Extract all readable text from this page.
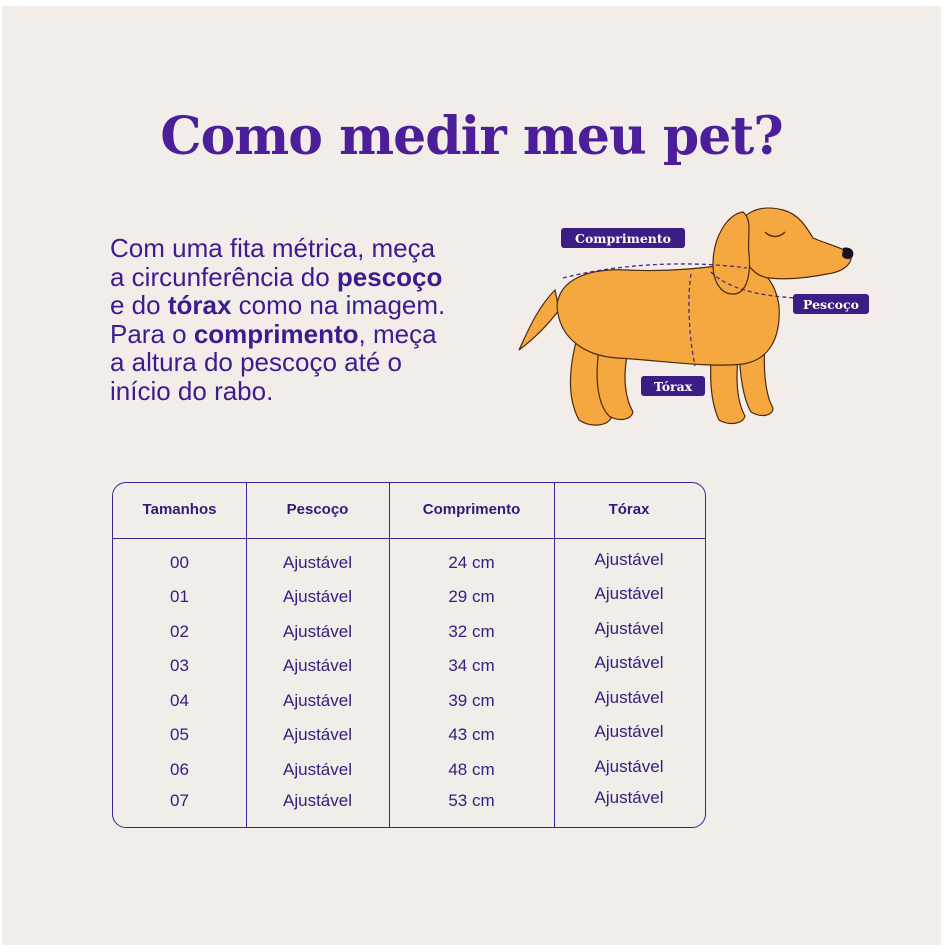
Como medir meu pet?
Com uma fita métrica, meça
a circunferência do pescoço
e do tórax como na imagem.
Para o comprimento, meça
a altura do pescoço até o
início do rabo.
Comprimento
Pescoço
Tórax
Tamanhos	Pescoço	Comprimento	Tórax
00	Ajustável	24 cm	Ajustável
01	Ajustável	29 cm	Ajustável
02	Ajustável	32 cm	Ajustável
03	Ajustável	34 cm	Ajustável
04	Ajustável	39 cm	Ajustável
05	Ajustável	43 cm	Ajustável
06	Ajustável	48 cm	Ajustável
07	Ajustável	53 cm	Ajustável
